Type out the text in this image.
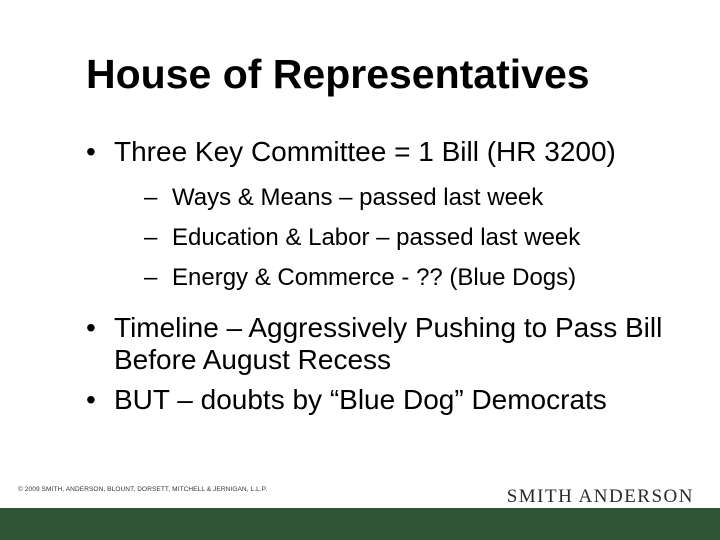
House of Representatives
• Three Key Committee = 1 Bill (HR 3200)
– Ways & Means – passed last week
– Education & Labor – passed last week
– Energy & Commerce - ?? (Blue Dogs)
• Timeline – Aggressively Pushing to Pass Bill Before August Recess
• BUT – doubts by “Blue Dog” Democrats
© 2009 SMITH, ANDERSON, BLOUNT, DORSETT, MITCHELL & JERNIGAN, L.L.P.	SMITH ANDERSON
